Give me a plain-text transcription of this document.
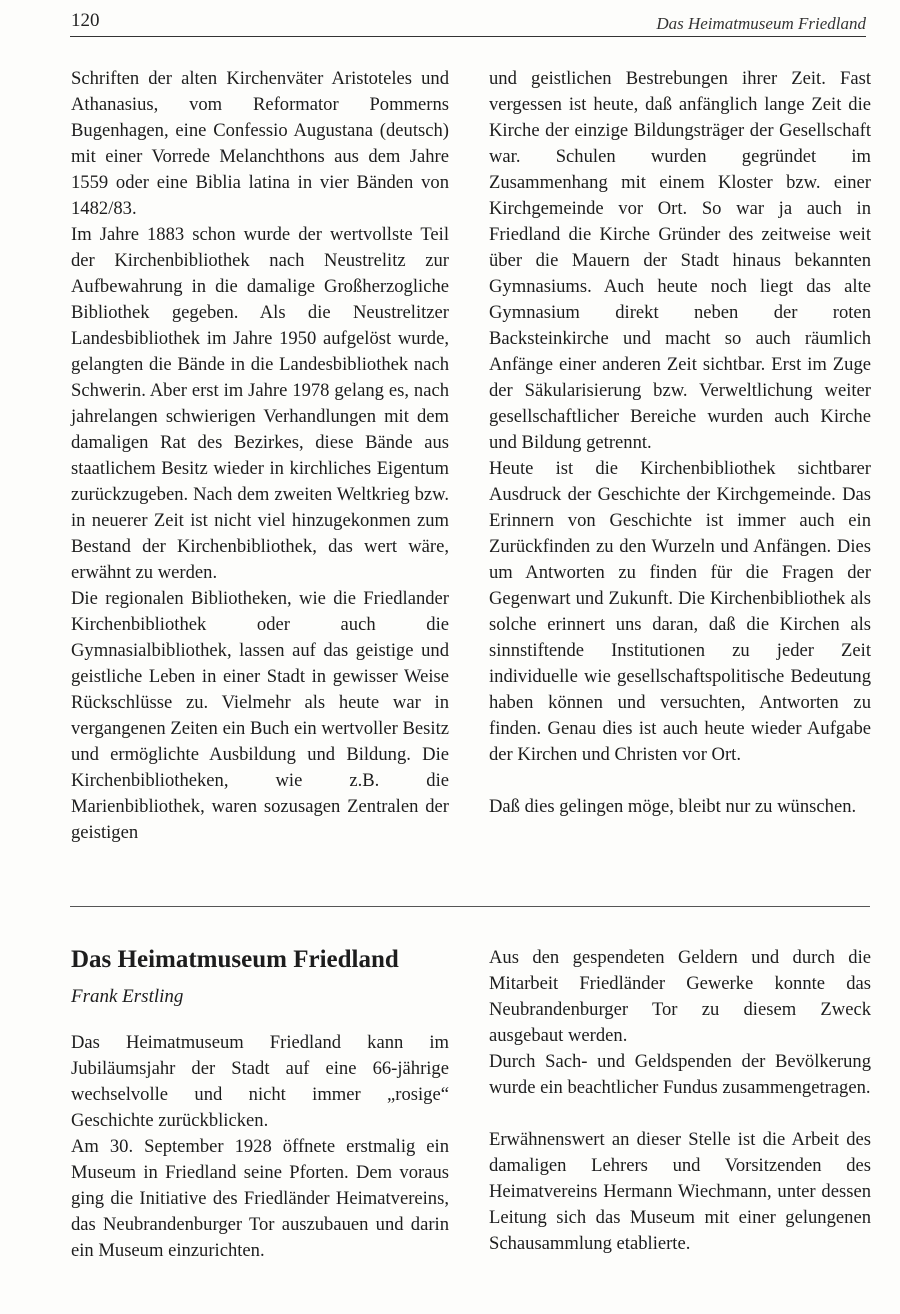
120	Das Heimatmuseum Friedland

Schriften der alten Kirchenväter Aristoteles und Athanasius, vom Reformator Pommerns Bugenhagen, eine Confessio Augustana (deutsch) mit einer Vorrede Melanchthons aus dem Jahre 1559 oder eine Biblia latina in vier Bänden von 1482/83.

Im Jahre 1883 schon wurde der wertvollste Teil der Kirchenbibliothek nach Neustrelitz zur Aufbewahrung in die damalige Großherzogliche Bibliothek gegeben. Als die Neustrelitzer Landesbibliothek im Jahre 1950 aufgelöst wurde, gelangten die Bände in die Landesbibliothek nach Schwerin. Aber erst im Jahre 1978 gelang es, nach jahrelangen schwierigen Verhandlungen mit dem damaligen Rat des Bezirkes, diese Bände aus staatlichem Besitz wieder in kirchliches Eigentum zurückzugeben. Nach dem zweiten Weltkrieg bzw. in neuerer Zeit ist nicht viel hinzugekonmen zum Bestand der Kirchenbibliothek, das wert wäre, erwähnt zu werden.

Die regionalen Bibliotheken, wie die Friedlander Kirchenbibliothek oder auch die Gymnasialbibliothek, lassen auf das geistige und geistliche Leben in einer Stadt in gewisser Weise Rückschlüsse zu. Vielmehr als heute war in vergangenen Zeiten ein Buch ein wertvoller Besitz und ermöglichte Ausbildung und Bildung. Die Kirchenbibliotheken, wie z.B. die Marienbibliothek, waren sozusagen Zentralen der geistigen

und geistlichen Bestrebungen ihrer Zeit. Fast vergessen ist heute, daß anfänglich lange Zeit die Kirche der einzige Bildungsträger der Gesellschaft war. Schulen wurden gegründet im Zusammenhang mit einem Kloster bzw. einer Kirchgemeinde vor Ort. So war ja auch in Friedland die Kirche Gründer des zeitweise weit über die Mauern der Stadt hinaus bekannten Gymnasiums. Auch heute noch liegt das alte Gymnasium direkt neben der roten Backsteinkirche und macht so auch räumlich Anfänge einer anderen Zeit sichtbar. Erst im Zuge der Säkularisierung bzw. Verweltlichung weiter gesellschaftlicher Bereiche wurden auch Kirche und Bildung getrennt.

Heute ist die Kirchenbibliothek sichtbarer Ausdruck der Geschichte der Kirchgemeinde. Das Erinnern von Geschichte ist immer auch ein Zurückfinden zu den Wurzeln und Anfängen. Dies um Antworten zu finden für die Fragen der Gegenwart und Zukunft. Die Kirchenbibliothek als solche erinnert uns daran, daß die Kirchen als sinnstiftende Institutionen zu jeder Zeit individuelle wie gesellschaftspolitische Bedeutung haben können und versuchten, Antworten zu finden. Genau dies ist auch heute wieder Aufgabe der Kirchen und Christen vor Ort.

Daß dies gelingen möge, bleibt nur zu wünschen.

Das Heimatmuseum Friedland
Frank Erstling

Das Heimatmuseum Friedland kann im Jubiläumsjahr der Stadt auf eine 66-jährige wechselvolle und nicht immer „rosige“ Geschichte zurückblicken.

Am 30. September 1928 öffnete erstmalig ein Museum in Friedland seine Pforten. Dem voraus ging die Initiative des Friedländer Heimatvereins, das Neubrandenburger Tor auszubauen und darin ein Museum einzurichten.

Aus den gespendeten Geldern und durch die Mitarbeit Friedländer Gewerke konnte das Neubrandenburger Tor zu diesem Zweck ausgebaut werden.

Durch Sach- und Geldspenden der Bevölkerung wurde ein beachtlicher Fundus zusammengetragen.

Erwähnenswert an dieser Stelle ist die Arbeit des damaligen Lehrers und Vorsitzenden des Heimatvereins Hermann Wiechmann, unter dessen Leitung sich das Museum mit einer gelungenen Schausammlung etablierte.
